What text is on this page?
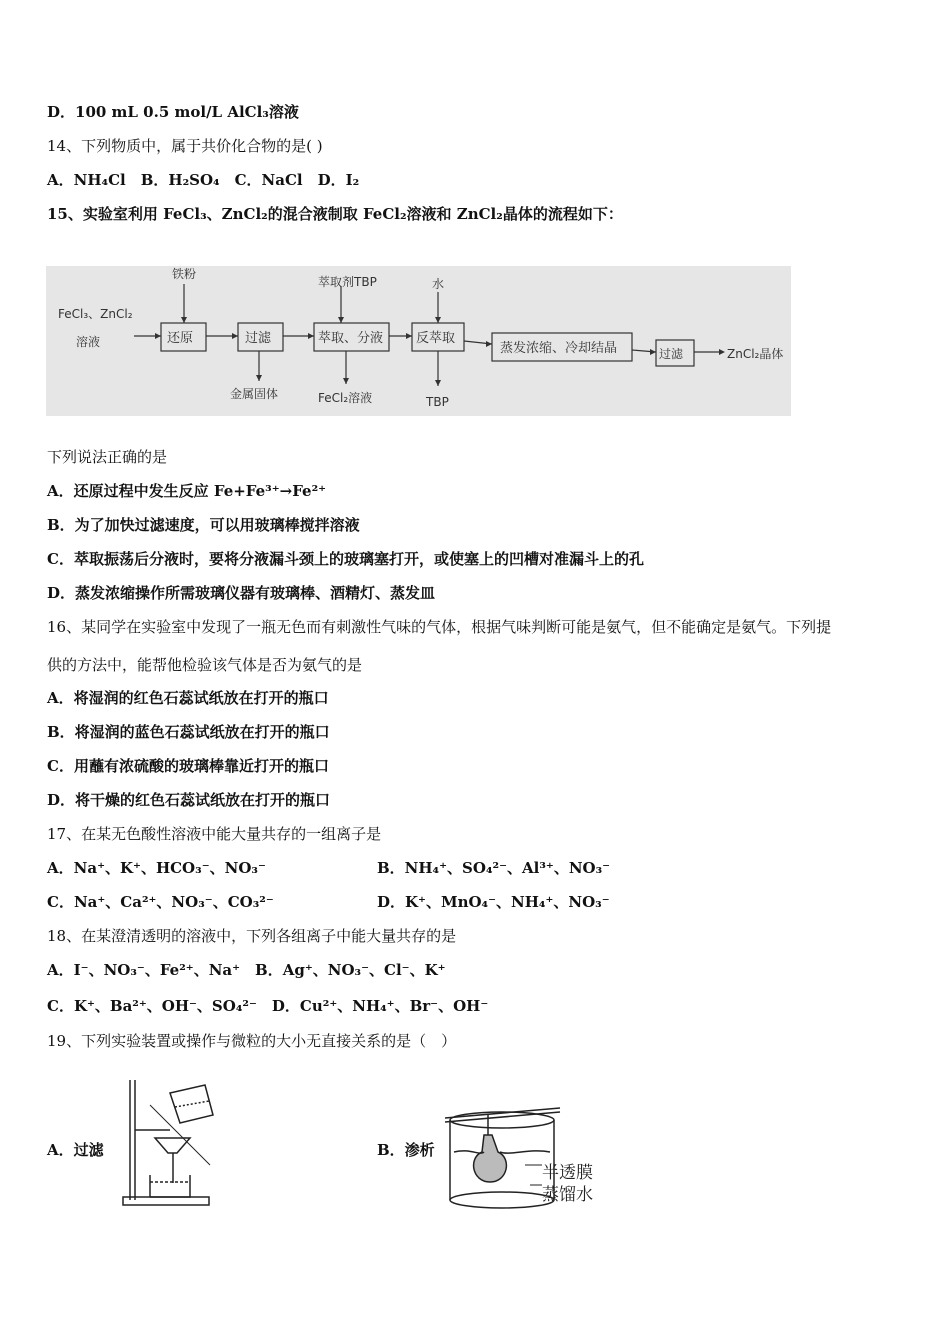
D．100 mL 0.5 mol/L AlCl₃溶液
14、下列物质中，属于共价化合物的是( )
A．NH₄Cl　B．H₂SO₄　C．NaCl　D．I₂
15、实验室利用 FeCl₃、ZnCl₂的混合液制取 FeCl₂溶液和 ZnCl₂晶体的流程如下：
FeCl₃、ZnCl₂
溶液	还原	过滤	萃取、分液	反萃取
蒸发浓缩、冷却结晶	过滤
铁粉
萃取剂TBP	水
金属固体	FeCl₂溶液	TBP
ZnCl₂晶体
下列说法正确的是
A．还原过程中发生反应 Fe+Fe³⁺→Fe²⁺
B．为了加快过滤速度，可以用玻璃棒搅拌溶液
C．萃取振荡后分液时，要将分液漏斗颈上的玻璃塞打开，或使塞上的凹槽对准漏斗上的孔
D．蒸发浓缩操作所需玻璃仪器有玻璃棒、酒精灯、蒸发皿
16、某同学在实验室中发现了一瓶无色而有刺激性气味的气体，根据气味判断可能是氨气，但不能确定是氨气。下列提
供的方法中，能帮他检验该气体是否为氨气的是
A．将湿润的红色石蕊试纸放在打开的瓶口
B．将湿润的蓝色石蕊试纸放在打开的瓶口
C．用蘸有浓硫酸的玻璃棒靠近打开的瓶口
D．将干燥的红色石蕊试纸放在打开的瓶口
17、在某无色酸性溶液中能大量共存的一组离子是
A．Na⁺、K⁺、HCO₃⁻、NO₃⁻	B．NH₄⁺、SO₄²⁻、Al³⁺、NO₃⁻
C．Na⁺、Ca²⁺、NO₃⁻、CO₃²⁻	D．K⁺、MnO₄⁻、NH₄⁺、NO₃⁻
18、在某澄清透明的溶液中，下列各组离子中能大量共存的是
A．I⁻、NO₃⁻、Fe²⁺、Na⁺　B．Ag⁺、NO₃⁻、Cl⁻、K⁺
C．K⁺、Ba²⁺、OH⁻、SO₄²⁻　D．Cu²⁺、NH₄⁺、Br⁻、OH⁻
19、下列实验装置或操作与微粒的大小无直接关系的是（　）
A．过滤	B．渗析
半透膜
蒸馏水
